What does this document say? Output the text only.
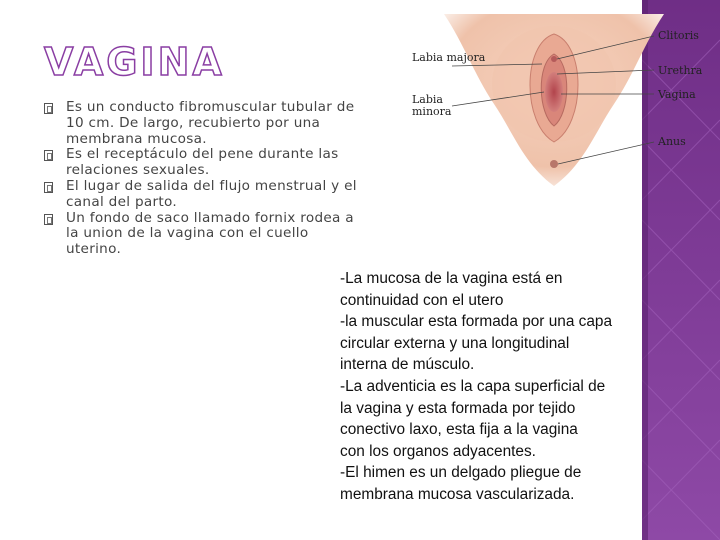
VAGINA
Es un conducto fibromuscular tubular de 10 cm. De largo, recubierto por una membrana mucosa.
Es el receptáculo del pene durante las relaciones sexuales.
El lugar de salida del flujo menstrual y el canal del parto.
Un fondo de saco llamado fornix rodea a la union de la vagina con el cuello uterino.
Labia majora
Labia minora
Clitoris
Urethra
Vagina
Anus

-La mucosa de la vagina está en

continuidad con el utero

-la muscular esta formada por una capa

circular externa y una longitudinal

interna de músculo.

-La adventicia es la capa superficial de

la vagina y esta formada por tejido

conectivo laxo, esta fija a la vagina

con los organos adyacentes.

-El himen es un delgado pliegue de

membrana mucosa vascularizada.
